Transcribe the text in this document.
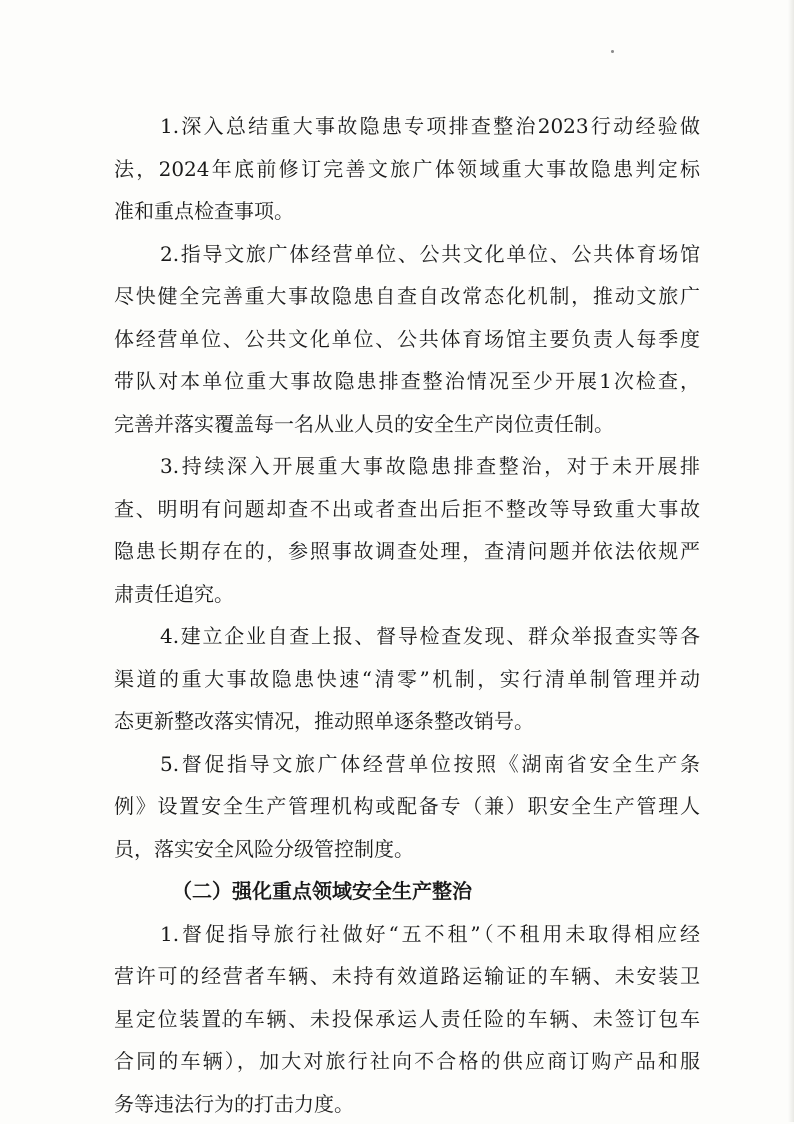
1.深入总结重大事故隐患专项排查整治2023行动经验做
法，2024年底前修订完善文旅广体领域重大事故隐患判定标
准和重点检查事项。
2.指导文旅广体经营单位、公共文化单位、公共体育场馆
尽快健全完善重大事故隐患自查自改常态化机制，推动文旅广
体经营单位、公共文化单位、公共体育场馆主要负责人每季度
带队对本单位重大事故隐患排查整治情况至少开展1次检查，
完善并落实覆盖每一名从业人员的安全生产岗位责任制。
3.持续深入开展重大事故隐患排查整治，对于未开展排
查、明明有问题却查不出或者查出后拒不整改等导致重大事故
隐患长期存在的，参照事故调查处理，查清问题并依法依规严
肃责任追究。
4.建立企业自查上报、督导检查发现、群众举报查实等各
渠道的重大事故隐患快速“清零”机制，实行清单制管理并动
态更新整改落实情况，推动照单逐条整改销号。
5.督促指导文旅广体经营单位按照《湖南省安全生产条
例》设置安全生产管理机构或配备专（兼）职安全生产管理人
员，落实安全风险分级管控制度。
（二）强化重点领域安全生产整治
1.督促指导旅行社做好“五不租”（不租用未取得相应经
营许可的经营者车辆、未持有效道路运输证的车辆、未安装卫
星定位装置的车辆、未投保承运人责任险的车辆、未签订包车
合同的车辆），加大对旅行社向不合格的供应商订购产品和服
务等违法行为的打击力度。
